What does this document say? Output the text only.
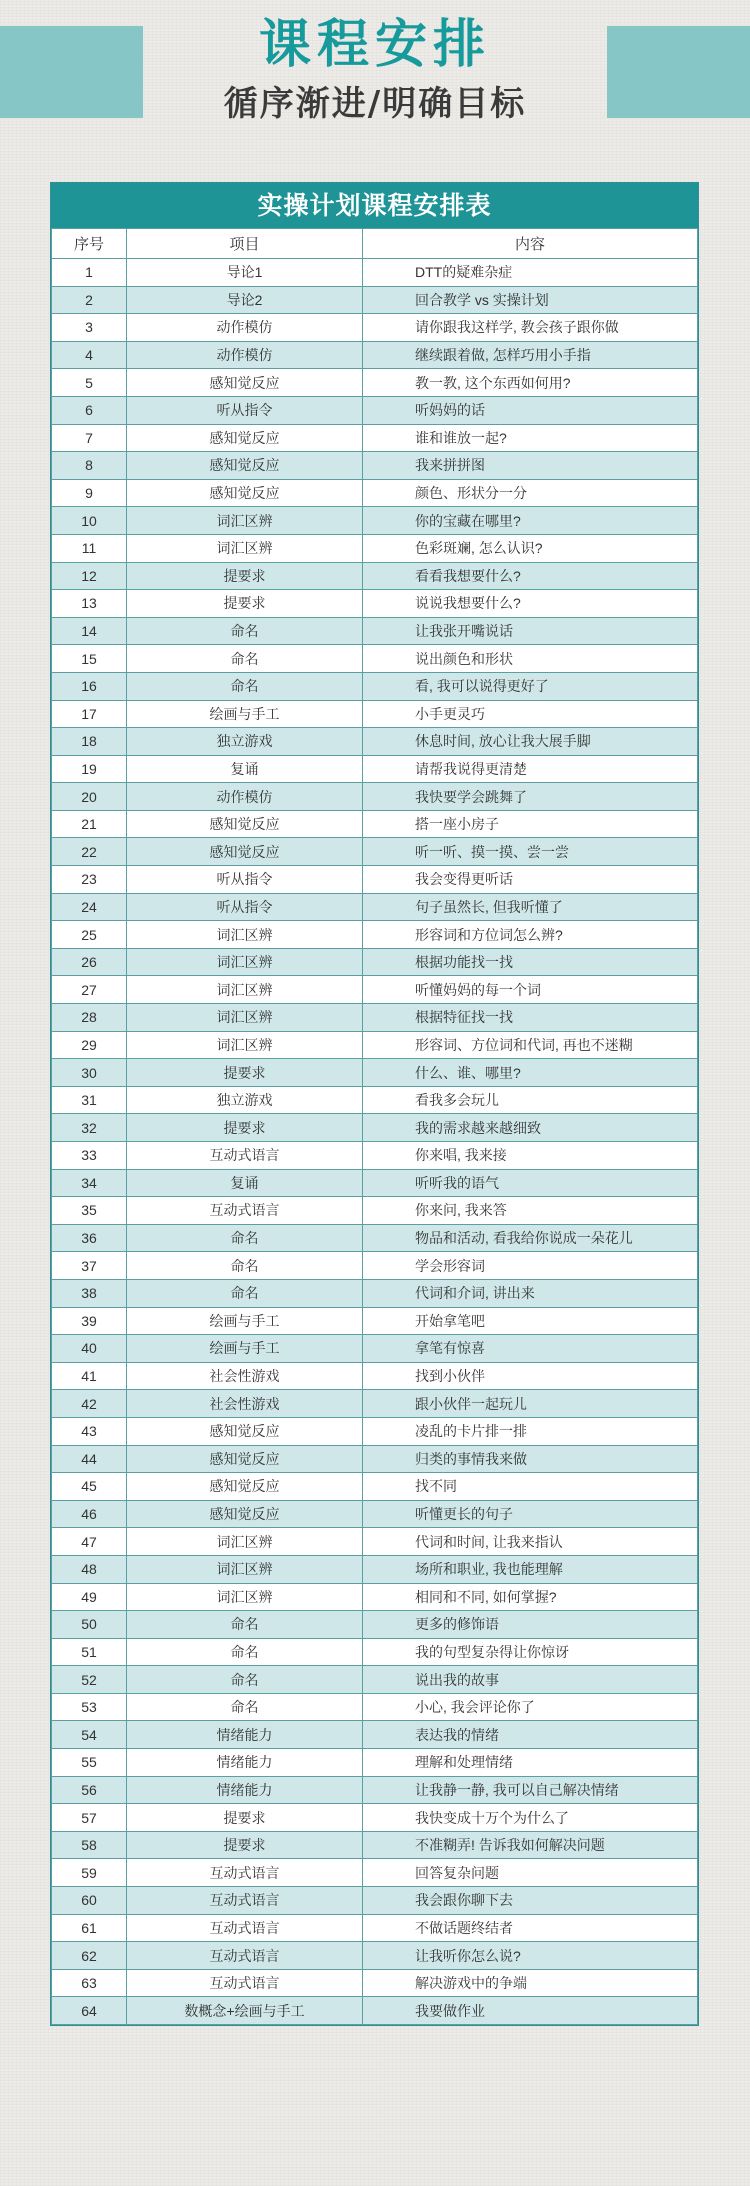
课程安排
循序渐进/明确目标
实操计划课程安排表
序号	项目	内容
1	导论1	DTT的疑难杂症
2	导论2	回合教学 vs 实操计划
3	动作模仿	请你跟我这样学, 教会孩子跟你做
4	动作模仿	继续跟着做, 怎样巧用小手指
5	感知觉反应	教一教, 这个东西如何用?
6	听从指令	听妈妈的话
7	感知觉反应	谁和谁放一起?
8	感知觉反应	我来拼拼图
9	感知觉反应	颜色、形状分一分
10	词汇区辨	你的宝藏在哪里?
11	词汇区辨	色彩斑斓, 怎么认识?
12	提要求	看看我想要什么?
13	提要求	说说我想要什么?
14	命名	让我张开嘴说话
15	命名	说出颜色和形状
16	命名	看, 我可以说得更好了
17	绘画与手工	小手更灵巧
18	独立游戏	休息时间, 放心让我大展手脚
19	复诵	请帮我说得更清楚
20	动作模仿	我快要学会跳舞了
21	感知觉反应	搭一座小房子
22	感知觉反应	听一听、摸一摸、尝一尝
23	听从指令	我会变得更听话
24	听从指令	句子虽然长, 但我听懂了
25	词汇区辨	形容词和方位词怎么辨?
26	词汇区辨	根据功能找一找
27	词汇区辨	听懂妈妈的每一个词
28	词汇区辨	根据特征找一找
29	词汇区辨	形容词、方位词和代词, 再也不迷糊
30	提要求	什么、谁、哪里?
31	独立游戏	看我多会玩儿
32	提要求	我的需求越来越细致
33	互动式语言	你来唱, 我来接
34	复诵	听听我的语气
35	互动式语言	你来问, 我来答
36	命名	物品和活动, 看我给你说成一朵花儿
37	命名	学会形容词
38	命名	代词和介词, 讲出来
39	绘画与手工	开始拿笔吧
40	绘画与手工	拿笔有惊喜
41	社会性游戏	找到小伙伴
42	社会性游戏	跟小伙伴一起玩儿
43	感知觉反应	凌乱的卡片排一排
44	感知觉反应	归类的事情我来做
45	感知觉反应	找不同
46	感知觉反应	听懂更长的句子
47	词汇区辨	代词和时间, 让我来指认
48	词汇区辨	场所和职业, 我也能理解
49	词汇区辨	相同和不同, 如何掌握?
50	命名	更多的修饰语
51	命名	我的句型复杂得让你惊讶
52	命名	说出我的故事
53	命名	小心, 我会评论你了
54	情绪能力	表达我的情绪
55	情绪能力	理解和处理情绪
56	情绪能力	让我静一静, 我可以自己解决情绪
57	提要求	我快变成十万个为什么了
58	提要求	不准糊弄! 告诉我如何解决问题
59	互动式语言	回答复杂问题
60	互动式语言	我会跟你聊下去
61	互动式语言	不做话题终结者
62	互动式语言	让我听你怎么说?
63	互动式语言	解决游戏中的争端
64	数概念+绘画与手工	我要做作业
